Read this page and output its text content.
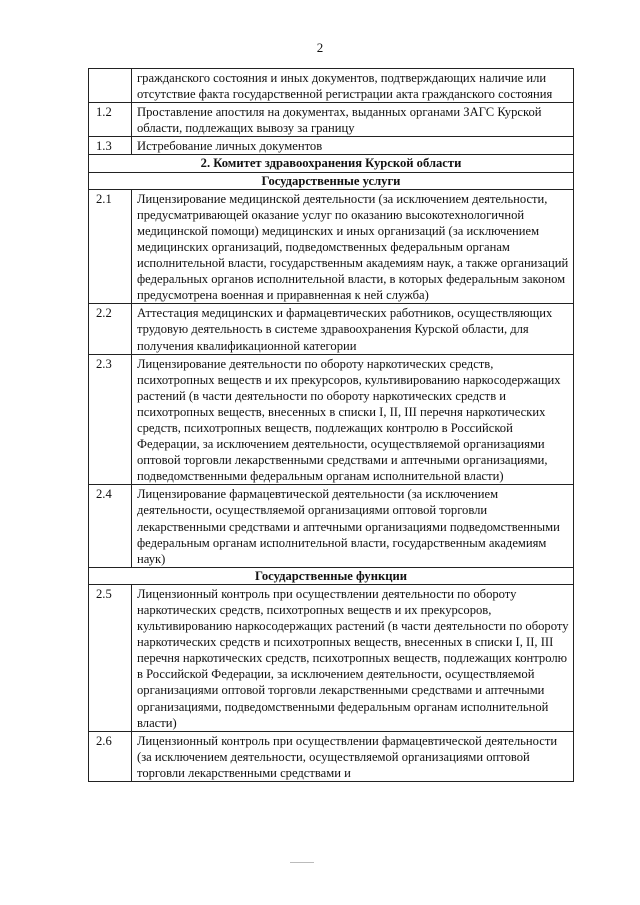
2
	гражданского состояния и иных документов, подтверждающих наличие или отсутствие факта государственной регистрации акта гражданского состояния
1.2	Проставление апостиля на документах, выданных органами ЗАГС Курской области, подлежащих вывозу за границу
1.3	Истребование личных документов
2. Комитет здравоохранения Курской области	
Государственные услуги	
2.1	Лицензирование медицинской деятельности (за исключением деятельности, предусматривающей оказание услуг по оказанию высокотехнологичной медицинской помощи) медицинских и иных организаций (за исключением медицинских организаций, подведомственных федеральным органам исполнительной власти, государственным академиям наук, а также организаций федеральных органов исполнительной власти, в которых федеральным законом предусмотрена военная и приравненная к ней служба)
2.2	Аттестация медицинских и фармацевтических работников, осуществляющих трудовую деятельность в системе здравоохранения Курской области, для получения квалификационной категории
2.3	Лицензирование деятельности по обороту наркотических средств, психотропных веществ и их прекурсоров, культивированию наркосодержащих растений (в части деятельности по обороту наркотических средств и психотропных веществ, внесенных в списки I, II, III перечня наркотических средств, психотропных веществ, подлежащих контролю в Российской Федерации, за исключением деятельности, осуществляемой организациями оптовой торговли лекарственными средствами и аптечными организациями, подведомственными федеральным органам исполнительной власти)
2.4	Лицензирование фармацевтической деятельности (за исключением деятельности, осуществляемой организациями оптовой торговли лекарственными средствами и аптечными организациями подведомственными федеральным органам исполнительной власти, государственным академиям наук)
Государственные функции	
2.5	Лицензионный контроль при осуществлении деятельности по обороту наркотических средств, психотропных веществ и их прекурсоров, культивированию наркосодержащих растений (в части деятельности по обороту наркотических средств и психотропных веществ, внесенных в списки I, II, III перечня наркотических средств, психотропных веществ, подлежащих контролю в Российской Федерации, за исключением деятельности, осуществляемой организациями оптовой торговли лекарственными средствами и аптечными организациями, подведомственными федеральным органам исполнительной власти)
2.6	Лицензионный контроль при осуществлении фармацевтической деятельности (за исключением деятельности, осуществляемой организациями оптовой торговли лекарственными средствами и
